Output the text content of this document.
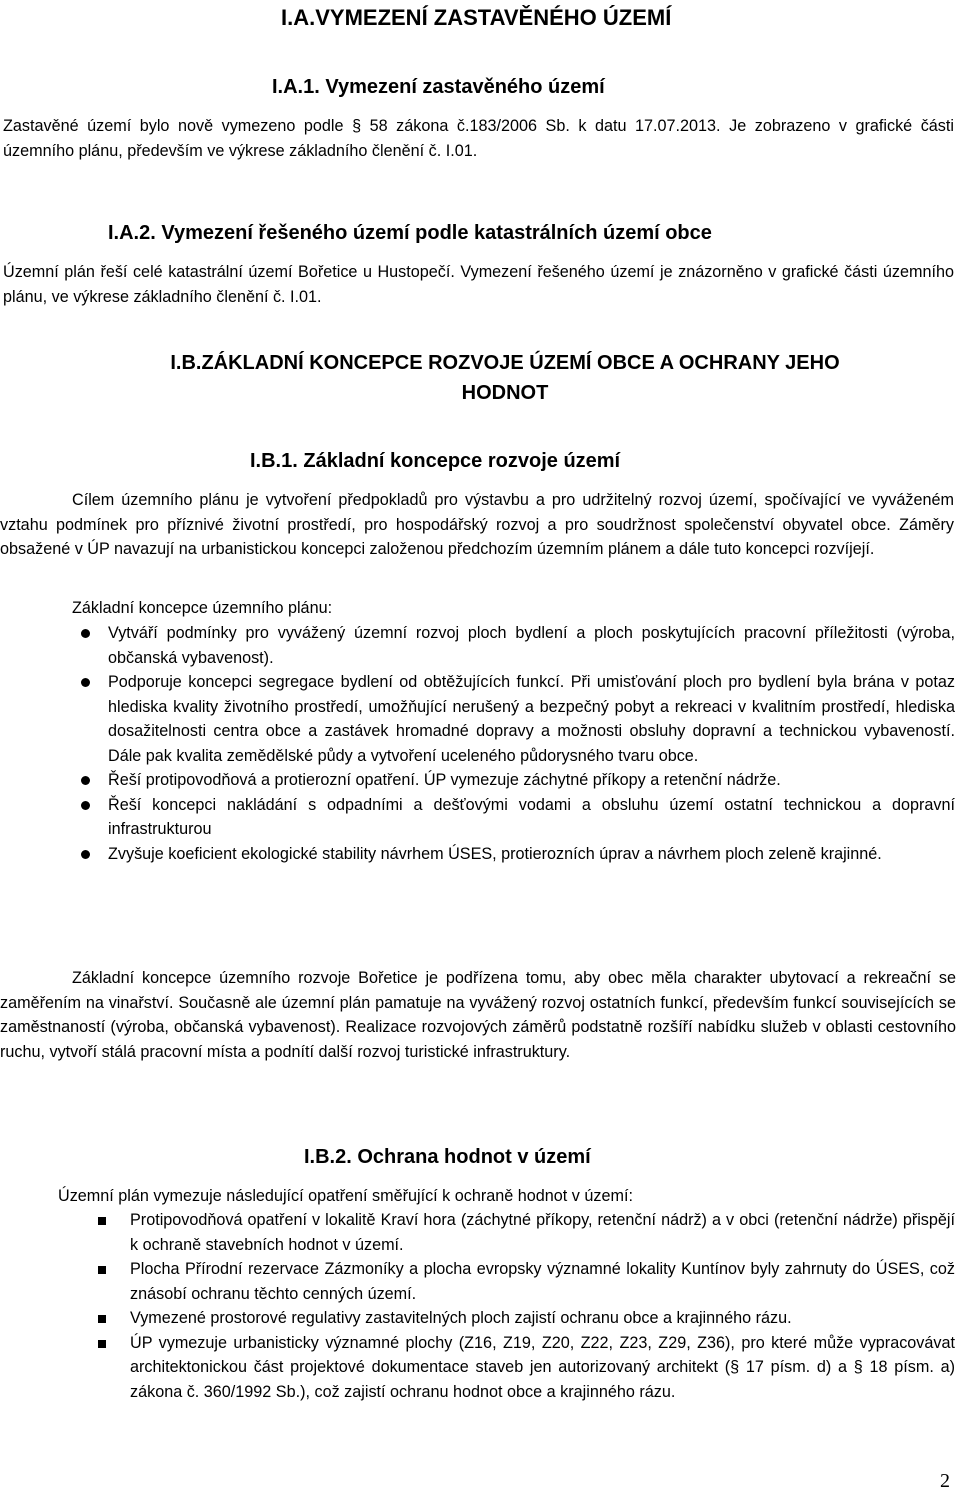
I.A.VYMEZENÍ ZASTAVĚNÉHO ÚZEMÍ
I.A.1. Vymezení zastavěného území

Zastavěné území bylo nově vymezeno podle § 58 zákona č.183/2006 Sb. k datu 17.07.2013. Je zobrazeno v grafické části územního plánu, především ve výkrese základního členění č. I.01.

I.A.2. Vymezení řešeného území podle katastrálních území obce

Územní plán řeší celé katastrální území Bořetice u Hustopečí. Vymezení řešeného území je znázorněno v grafické části územního plánu, ve výkrese základního členění č. I.01.

I.B.ZÁKLADNÍ KONCEPCE ROZVOJE ÚZEMÍ OBCE A OCHRANY JEHO
HODNOT
I.B.1. Základní koncepce rozvoje území

Cílem územního plánu je vytvoření předpokladů pro výstavbu a pro udržitelný rozvoj území, spočívající ve vyváženém vztahu podmínek pro příznivé životní prostředí, pro hospodářský rozvoj a pro soudržnost společenství obyvatel obce. Záměry obsažené v ÚP navazují na urbanistickou koncepci založenou předchozím územním plánem a dále tuto koncepci rozvíjejí.

Základní koncepce územního plánu:

Vytváří podmínky pro vyvážený územní rozvoj ploch bydlení a ploch poskytujících pracovní příležitosti (výroba, občanská vybavenost).
Podporuje koncepci segregace bydlení od obtěžujících funkcí. Při umisťování ploch pro bydlení byla brána v potaz hlediska kvality životního prostředí, umožňující nerušený a bezpečný pobyt a rekreaci v kvalitním prostředí, hlediska dosažitelnosti centra obce a zastávek hromadné dopravy a možnosti obsluhy dopravní a technickou vybaveností. Dále pak kvalita zemědělské půdy a vytvoření uceleného půdorysného tvaru obce.
Řeší protipovodňová a protierozní opatření. ÚP vymezuje záchytné příkopy a retenční nádrže.
Řeší koncepci nakládání s odpadními a dešťovými vodami a obsluhu území ostatní technickou a dopravní infrastrukturou
Zvyšuje koeficient ekologické stability návrhem ÚSES, protierozních úprav a návrhem ploch zeleně krajinné.

Základní koncepce územního rozvoje Bořetice je podřízena tomu, aby obec měla charakter ubytovací a rekreační se zaměřením na vinařství. Současně ale územní plán pamatuje na vyvážený rozvoj ostatních funkcí, především funkcí souvisejících se zaměstnaností (výroba, občanská vybavenost). Realizace rozvojových záměrů podstatně rozšíří nabídku služeb v oblasti cestovního ruchu, vytvoří stálá pracovní místa a podnítí další rozvoj turistické infrastruktury.

I.B.2. Ochrana hodnot v území

Územní plán vymezuje následující opatření směřující k ochraně hodnot v území:

Protipovodňová opatření v lokalitě Kraví hora (záchytné příkopy, retenční nádrž) a v obci (retenční nádrže) přispějí k ochraně stavebních hodnot v území.
Plocha Přírodní rezervace Zázmoníky a plocha evropsky významné lokality Kuntínov byly zahrnuty do ÚSES, což znásobí ochranu těchto cenných území.
Vymezené prostorové regulativy zastavitelných ploch zajistí ochranu obce a krajinného rázu.
ÚP vymezuje urbanisticky významné plochy (Z16, Z19, Z20, Z22, Z23, Z29, Z36), pro které může vypracovávat architektonickou část projektové dokumentace staveb jen autorizovaný architekt (§ 17 písm. d) a § 18 písm. a) zákona č. 360/1992 Sb.), což zajistí ochranu hodnot obce a krajinného rázu.
2
